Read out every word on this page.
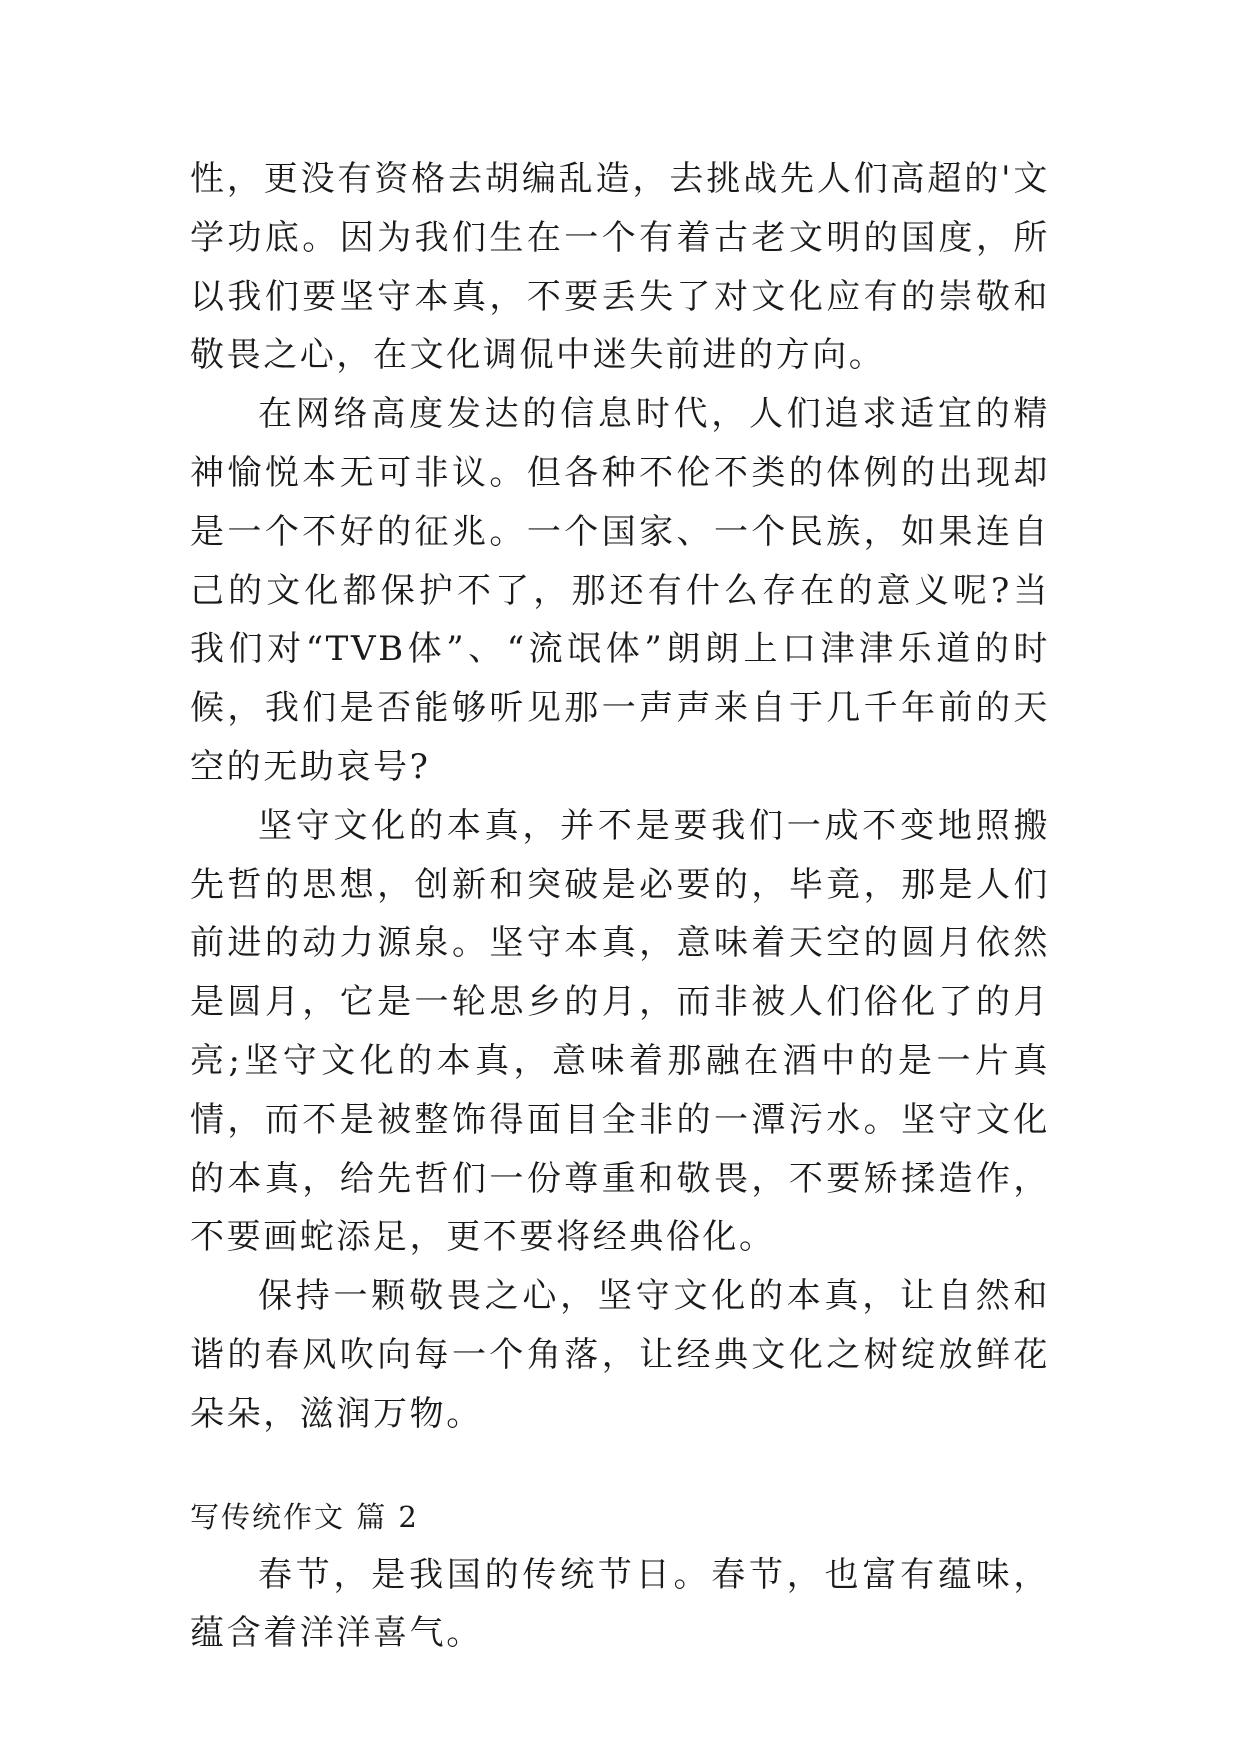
性，更没有资格去胡编乱造，去挑战先人们高超的'文学功底。因为我们生在一个有着古老文明的国度，所以我们要坚守本真，不要丢失了对文化应有的崇敬和敬畏之心，在文化调侃中迷失前进的方向。

在网络高度发达的信息时代，人们追求适宜的精神愉悦本无可非议。但各种不伦不类的体例的出现却是一个不好的征兆。一个国家、一个民族，如果连自己的文化都保护不了，那还有什么存在的意义呢?当我们对“TVB体”、“流氓体”朗朗上口津津乐道的时候，我们是否能够听见那一声声来自于几千年前的天空的无助哀号?

坚守文化的本真，并不是要我们一成不变地照搬先哲的思想，创新和突破是必要的，毕竟，那是人们前进的动力源泉。坚守本真，意味着天空的圆月依然是圆月，它是一轮思乡的月，而非被人们俗化了的月亮;坚守文化的本真，意味着那融在酒中的是一片真情，而不是被整饰得面目全非的一潭污水。坚守文化的本真，给先哲们一份尊重和敬畏，不要矫揉造作，不要画蛇添足，更不要将经典俗化。

保持一颗敬畏之心，坚守文化的本真，让自然和谐的春风吹向每一个角落，让经典文化之树绽放鲜花朵朵，滋润万物。

写传统作文 篇 2

春节，是我国的传统节日。春节，也富有蕴味，蕴含着洋洋喜气。
